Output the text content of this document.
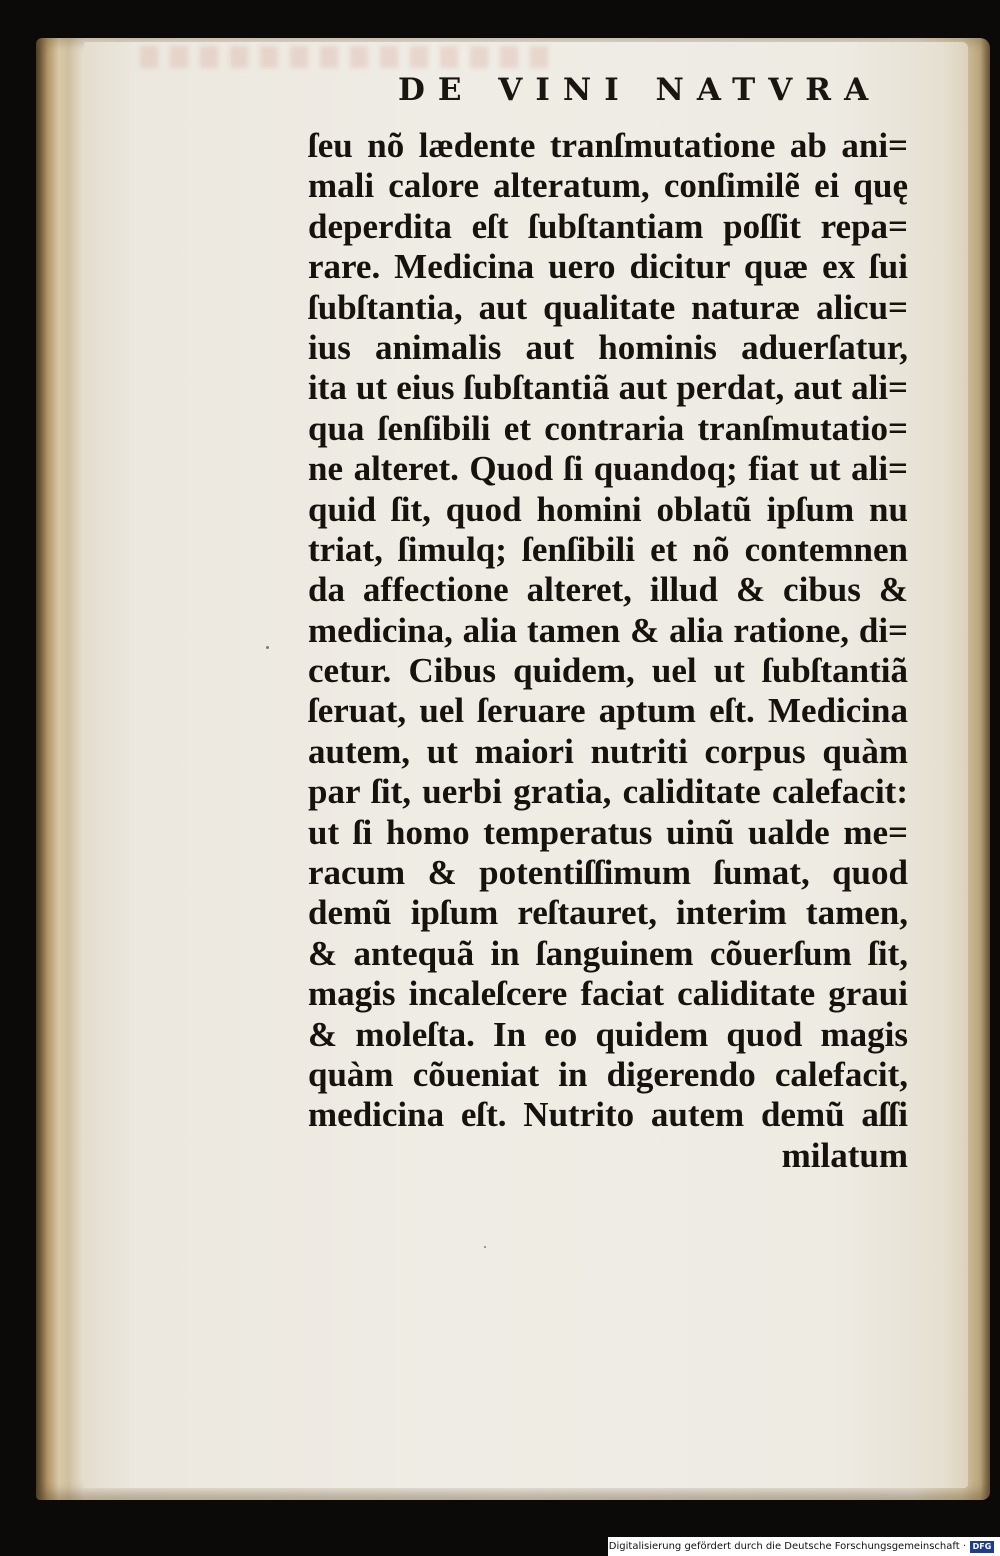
DE VINI NATVRA
ſeu nõ lædente tranſmutatione ab ani=
mali calore alteratum, conſimilẽ ei quę
deperdita eſt ſubſtantiam poſſit repa=
rare. Medicina uero dicitur quæ ex ſui
ſubſtantia, aut qualitate naturæ alicu=
ius animalis aut hominis aduerſatur,
ita ut eius ſubſtantiã aut perdat, aut ali=
qua ſenſibili et contraria tranſmutatio=
ne alteret. Quod ſi quandoq; fiat ut ali=
quid ſit, quod homini oblatũ ipſum nu
triat, ſimulq; ſenſibili et nõ contemnen
da affectione alteret, illud & cibus &
medicina, alia tamen & alia ratione, di=
cetur. Cibus quidem, uel ut ſubſtantiã
ſeruat, uel ſeruare aptum eſt. Medicina
autem, ut maiori nutriti corpus quàm
par ſit, uerbi gratia, caliditate calefacit:
ut ſi homo temperatus uinũ ualde me=
racum & potentiſſimum ſumat, quod
demũ ipſum reſtauret, interim tamen,
& antequã in ſanguinem cõuerſum ſit,
magis incaleſcere faciat caliditate graui
& moleſta. In eo quidem quod magis
quàm cõueniat in digerendo calefacit,
medicina eſt. Nutrito autem demũ aſſi
milatum
Digitalisierung gefördert durch die Deutsche Forschungsgemeinschaft · DFG
